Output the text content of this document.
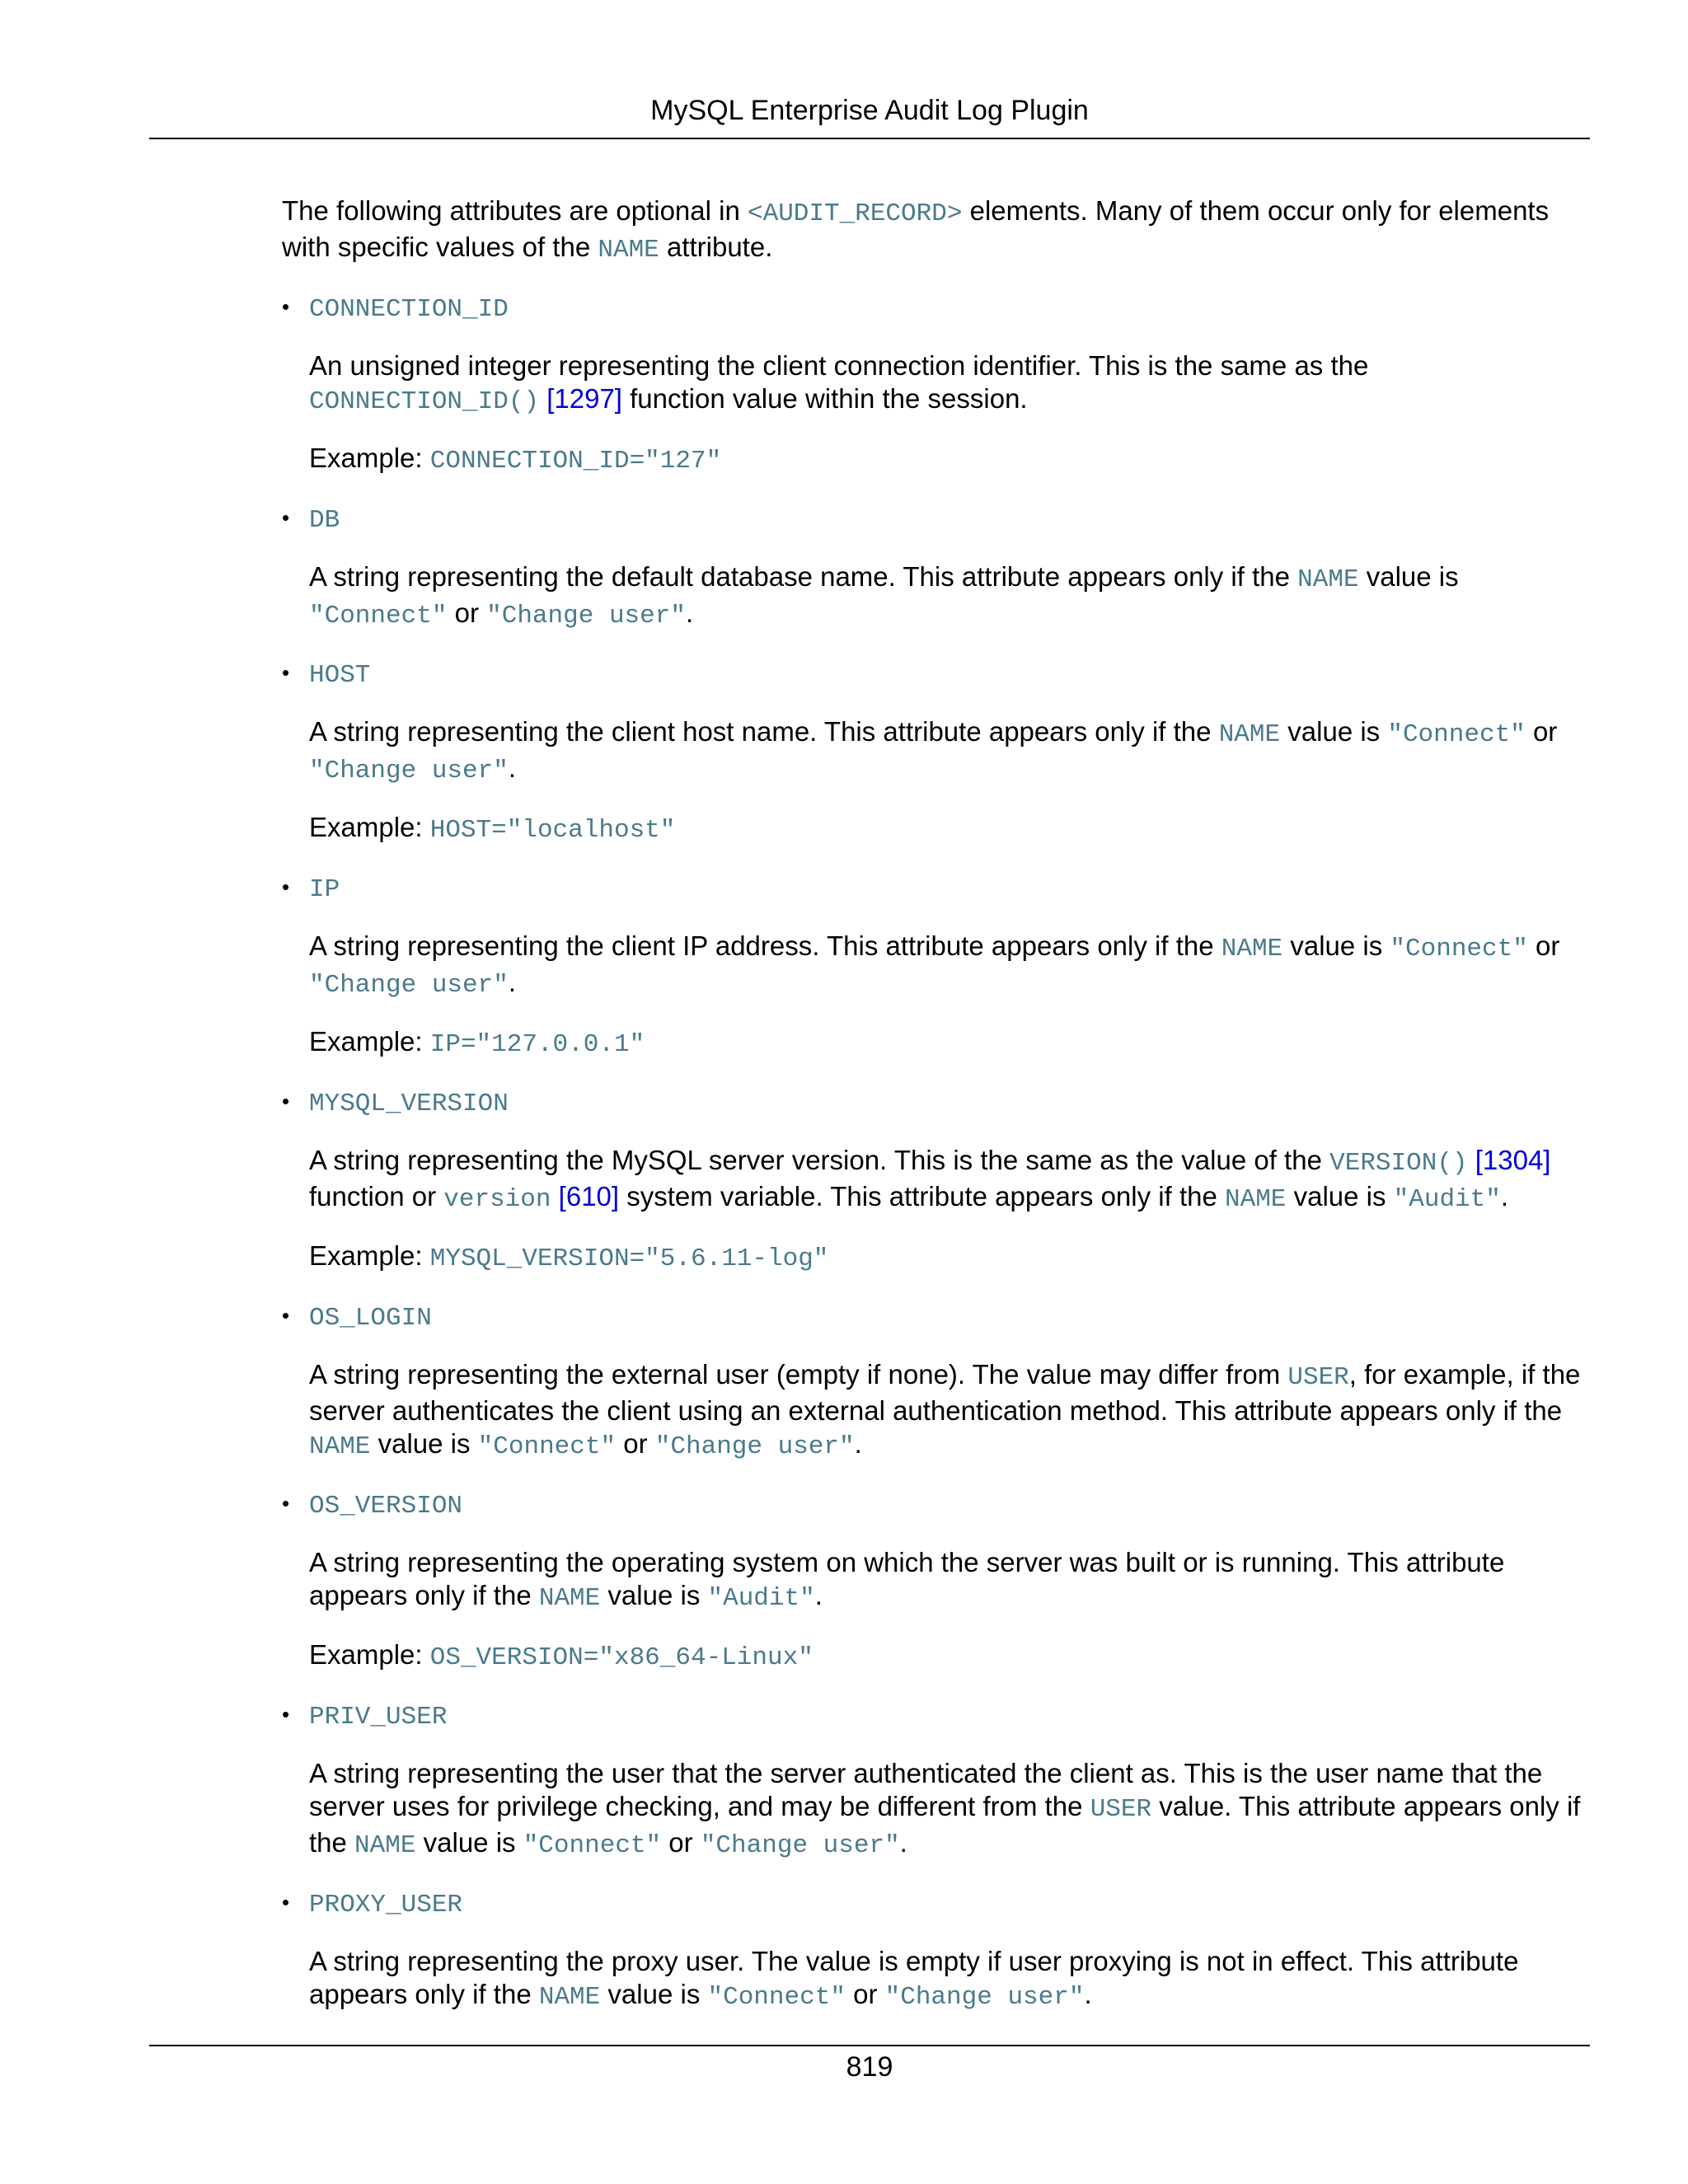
MySQL Enterprise Audit Log Plugin

The following attributes are optional in <AUDIT_RECORD> elements. Many of them occur only for elements with specific values of the NAME attribute.

• CONNECTION_ID

An unsigned integer representing the client connection identifier. This is the same as the CONNECTION_ID() [1297] function value within the session.

Example: CONNECTION_ID="127"

• DB

A string representing the default database name. This attribute appears only if the NAME value is "Connect" or "Change user".

• HOST

A string representing the client host name. This attribute appears only if the NAME value is "Connect" or "Change user".

Example: HOST="localhost"

• IP

A string representing the client IP address. This attribute appears only if the NAME value is "Connect" or "Change user".

Example: IP="127.0.0.1"

• MYSQL_VERSION

A string representing the MySQL server version. This is the same as the value of the VERSION() [1304] function or version [610] system variable. This attribute appears only if the NAME value is "Audit".

Example: MYSQL_VERSION="5.6.11-log"

• OS_LOGIN

A string representing the external user (empty if none). The value may differ from USER, for example, if the server authenticates the client using an external authentication method. This attribute appears only if the NAME value is "Connect" or "Change user".

• OS_VERSION

A string representing the operating system on which the server was built or is running. This attribute appears only if the NAME value is "Audit".

Example: OS_VERSION="x86_64-Linux"

• PRIV_USER

A string representing the user that the server authenticated the client as. This is the user name that the server uses for privilege checking, and may be different from the USER value. This attribute appears only if the NAME value is "Connect" or "Change user".

• PROXY_USER

A string representing the proxy user. The value is empty if user proxying is not in effect. This attribute appears only if the NAME value is "Connect" or "Change user".

819
